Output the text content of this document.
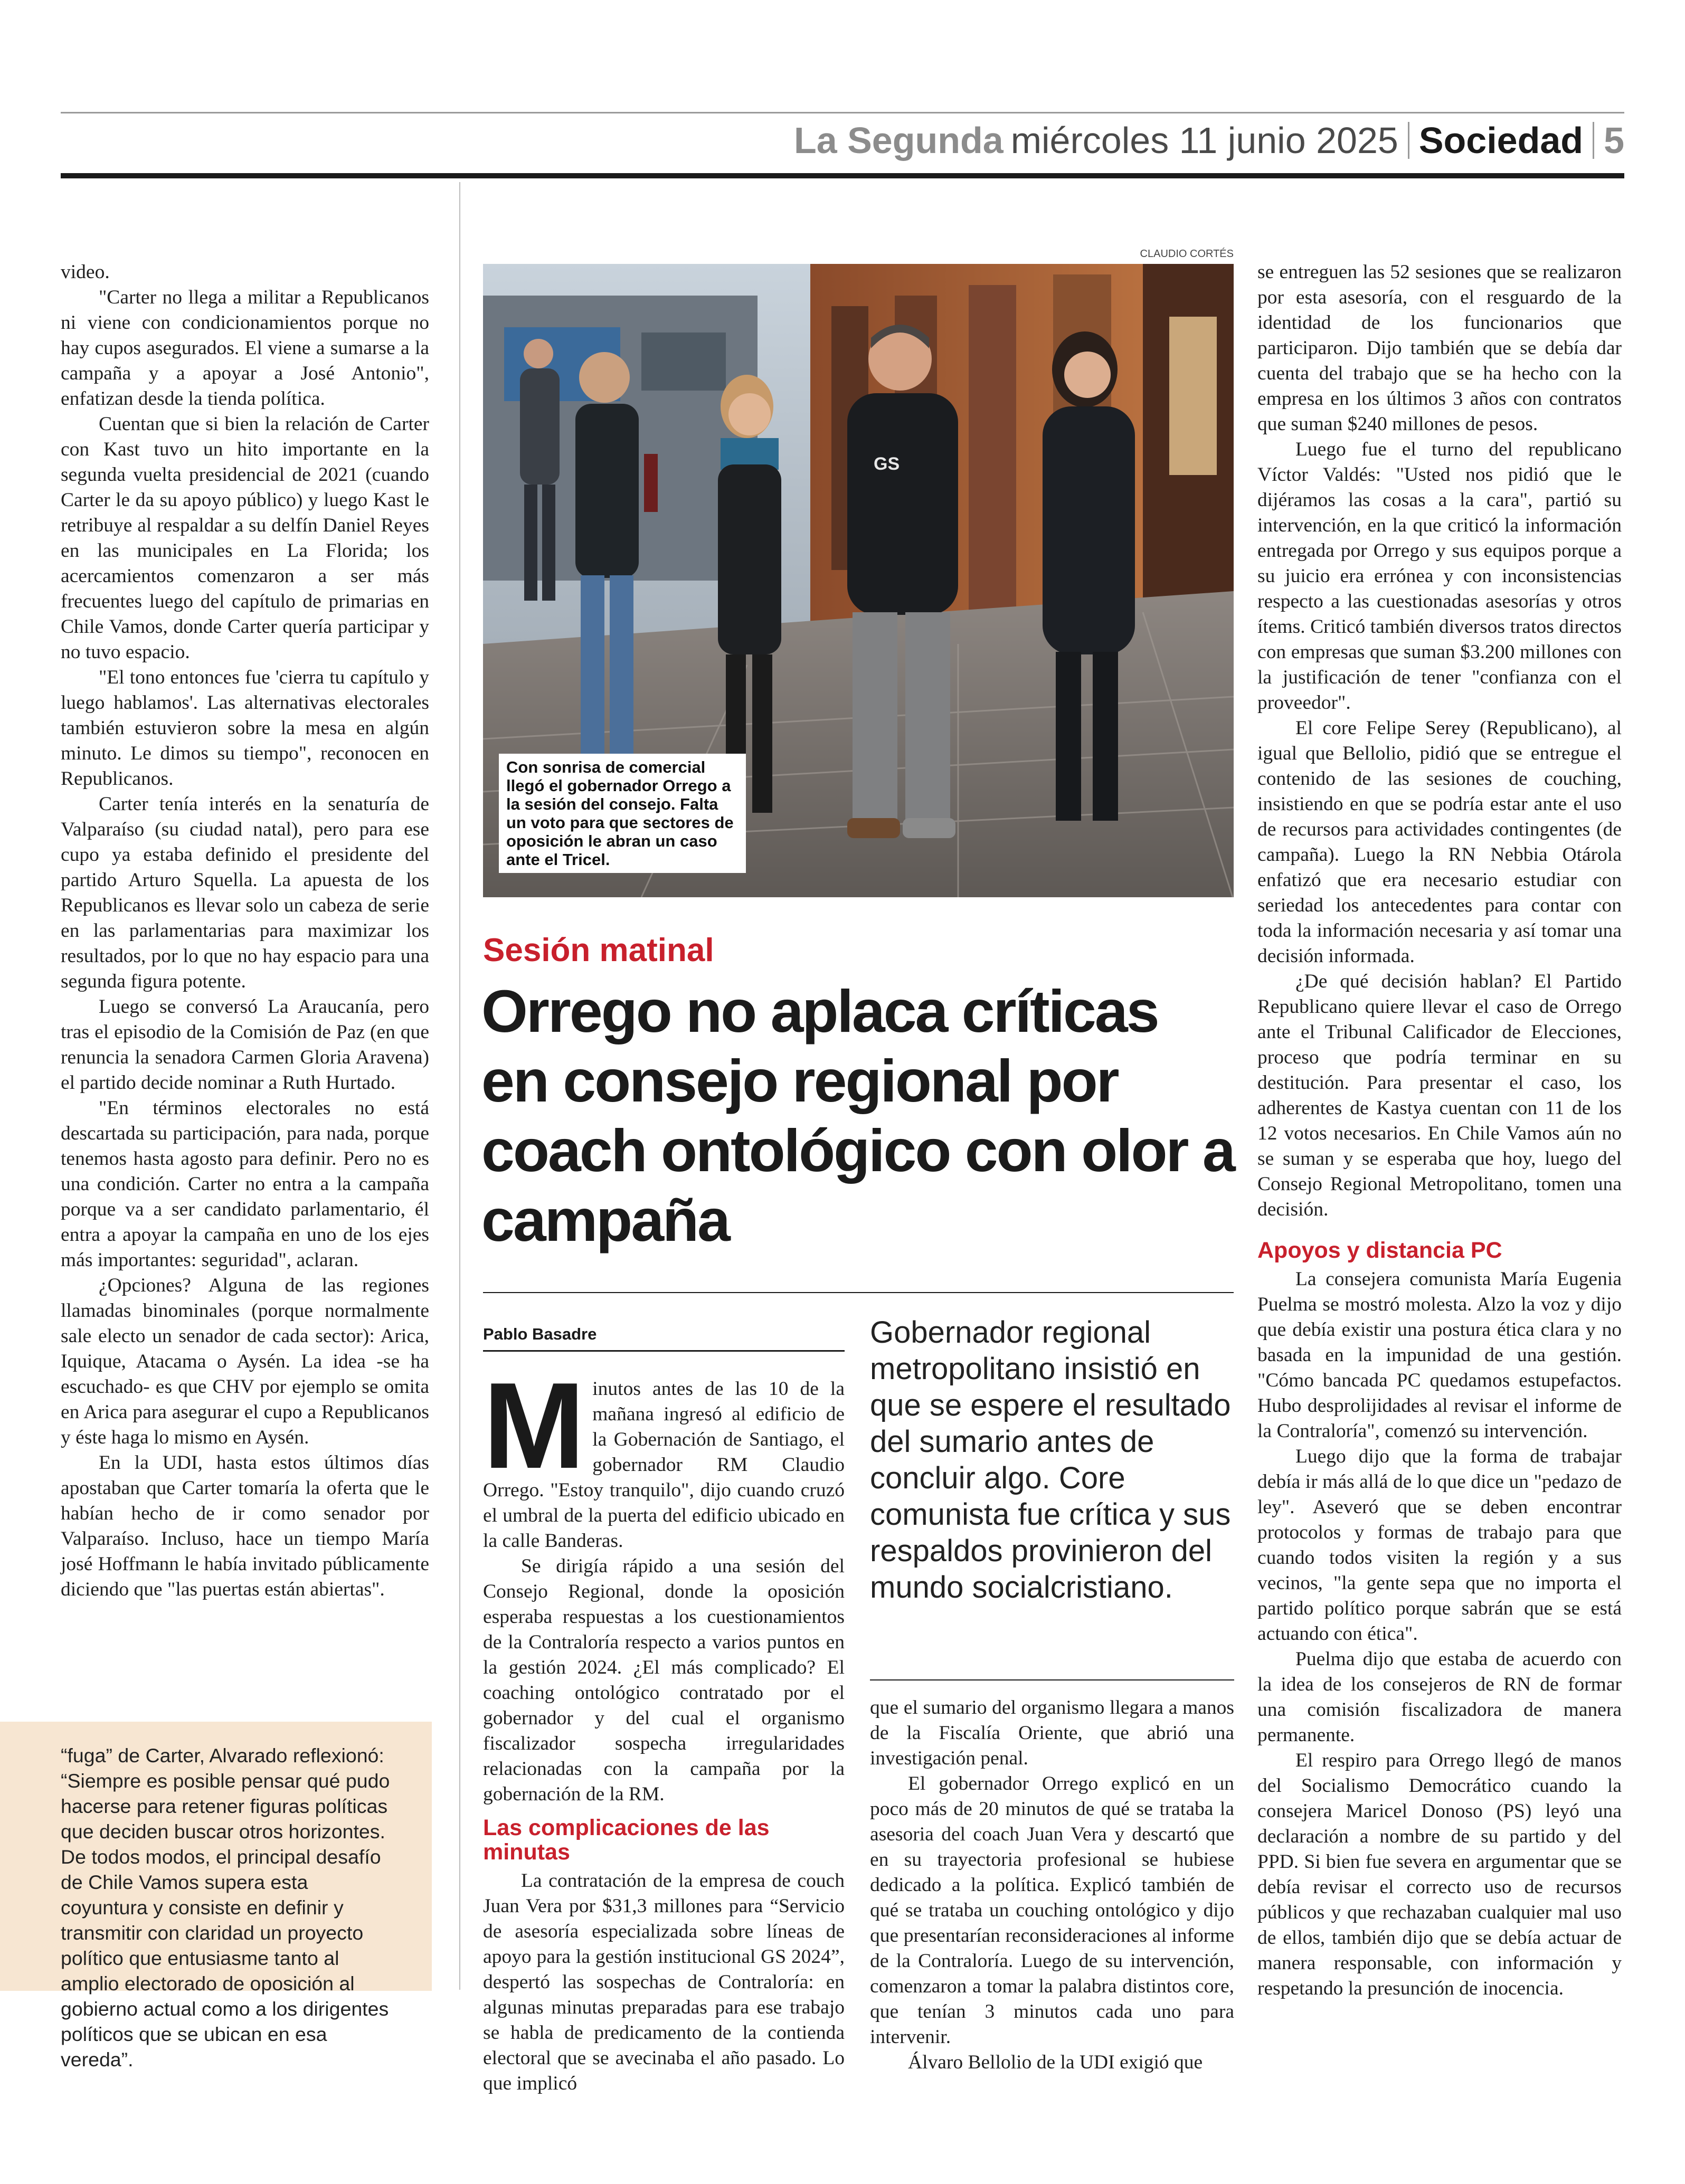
La Segunda miércoles 11 junio 2025 Sociedad 5

video.

"Carter no llega a militar a Republicanos ni viene con condicionamientos porque no hay cupos asegurados. El viene a sumarse a la campaña y a apoyar a José Antonio", enfatizan desde la tienda política.

Cuentan que si bien la relación de Carter con Kast tuvo un hito importante en la segunda vuelta presidencial de 2021 (cuando Carter le da su apoyo público) y luego Kast le retribuye al respaldar a su delfín Daniel Reyes en las municipales en La Florida; los acercamientos comenzaron a ser más frecuentes luego del capítulo de primarias en Chile Vamos, donde Carter quería participar y no tuvo espacio.

"El tono entonces fue 'cierra tu capítulo y luego hablamos'. Las alternativas electorales también estuvieron sobre la mesa en algún minuto. Le dimos su tiempo", reconocen en Republicanos.

Carter tenía interés en la senaturía de Valparaíso (su ciudad natal), pero para ese cupo ya estaba definido el presidente del partido Arturo Squella. La apuesta de los Republicanos es llevar solo un cabeza de serie en las parlamentarias para maximizar los resultados, por lo que no hay espacio para una segunda figura potente.

Luego se conversó La Araucanía, pero tras el episodio de la Comisión de Paz (en que renuncia la senadora Carmen Gloria Aravena) el partido decide nominar a Ruth Hurtado.

"En términos electorales no está descartada su participación, para nada, porque tenemos hasta agosto para definir. Pero no es una condición. Carter no entra a la campaña porque va a ser candidato parlamentario, él entra a apoyar la campaña en uno de los ejes más importantes: seguridad", aclaran.

¿Opciones? Alguna de las regiones llamadas binominales (porque normalmente sale electo un senador de cada sector): Arica, Iquique, Atacama o Aysén. La idea -se ha escuchado- es que CHV por ejemplo se omita en Arica para asegurar el cupo a Republicanos y éste haga lo mismo en Aysén.

En la UDI, hasta estos últimos días apostaban que Carter tomaría la oferta que le habían hecho de ir como senador por Valparaíso. Incluso, hace un tiempo María josé Hoffmann le había invitado públicamente diciendo que "las puertas están abiertas".

“fuga” de Carter, Alvarado reflexionó: “Siempre es posible pensar qué pudo hacerse para retener figuras políticas que deciden buscar otros horizontes. De todos modos, el principal desafío de Chile Vamos supera esta coyuntura y consiste en definir y transmitir con claridad un proyecto político que entusiasme tanto al amplio electorado de oposición al gobierno actual como a los dirigentes políticos que se ubican en esa vereda”.
CLAUDIO CORTÉS
GS
Con sonrisa de comercial llegó el gobernador Orrego a la sesión del consejo. Falta un voto para que sectores de oposición le abran un caso ante el Tricel.
Sesión matinal
Orrego no aplaca críticas en consejo regional por coach ontológico con olor a campaña
Pablo Basadre

Minutos antes de las 10 de la mañana ingresó al edificio de la Gobernación de Santiago, el gobernador RM Claudio Orrego. "Estoy tranquilo", dijo cuando cruzó el umbral de la puerta del edificio ubicado en la calle Banderas.

Se dirigía rápido a una sesión del Consejo Regional, donde la oposición esperaba respuestas a los cuestionamientos de la Contraloría respecto a varios puntos en la gestión 2024. ¿El más complicado? El coaching ontológico contratado por el gobernador y del cual el organismo fiscalizador sospecha irregularidades relacionadas con la campaña por la gobernación de la RM.

Las complicaciones de las minutas

La contratación de la empresa de couch Juan Vera por $31,3 millones para “Servicio de asesoría especializada sobre líneas de apoyo para la gestión institucional GS 2024”, despertó las sospechas de Contraloría: en algunas minutas preparadas para ese trabajo se habla de predicamento de la contienda electoral que se avecinaba el año pasado. Lo que implicó

Gobernador regional metropolitano insistió en que se espere el resultado del sumario antes de concluir algo. Core comunista fue crítica y sus respaldos provinieron del mundo socialcristiano.

que el sumario del organismo llegara a manos de la Fiscalía Oriente, que abrió una investigación penal.

El gobernador Orrego explicó en un poco más de 20 minutos de qué se trataba la asesoria del coach Juan Vera y descartó que en su trayectoria profesional se hubiese dedicado a la política. Explicó también de qué se trataba un couching ontológico y dijo que presentarían reconsideraciones al informe de la Contraloría. Luego de su intervención, comenzaron a tomar la palabra distintos core, que tenían 3 minutos cada uno para intervenir.

Álvaro Bellolio de la UDI exigió que

se entreguen las 52 sesiones que se realizaron por esta asesoría, con el resguardo de la identidad de los funcionarios que participaron. Dijo también que se debía dar cuenta del trabajo que se ha hecho con la empresa en los últimos 3 años con contratos que suman $240 millones de pesos.

Luego fue el turno del republicano Víctor Valdés: "Usted nos pidió que le dijéramos las cosas a la cara", partió su intervención, en la que criticó la información entregada por Orrego y sus equipos porque a su juicio era errónea y con inconsistencias respecto a las cuestionadas asesorías y otros ítems. Criticó también diversos tratos directos con empresas que suman $3.200 millones con la justificación de tener "confianza con el proveedor".

El core Felipe Serey (Republicano), al igual que Bellolio, pidió que se entregue el contenido de las sesiones de couching, insistiendo en que se podría estar ante el uso de recursos para actividades contingentes (de campaña). Luego la RN Nebbia Otárola enfatizó que era necesario estudiar con seriedad los antecedentes para contar con toda la información necesaria y así tomar una decisión informada.

¿De qué decisión hablan? El Partido Republicano quiere llevar el caso de Orrego ante el Tribunal Calificador de Elecciones, proceso que podría terminar en su destitución. Para presentar el caso, los adherentes de Kastya cuentan con 11 de los 12 votos necesarios. En Chile Vamos aún no se suman y se esperaba que hoy, luego del Consejo Regional Metropolitano, tomen una decisión.

Apoyos y distancia PC

La consejera comunista María Eugenia Puelma se mostró molesta. Alzo la voz y dijo que debía existir una postura ética clara y no basada en la impunidad de una gestión. "Cómo bancada PC quedamos estupefactos. Hubo desprolijidades al revisar el informe de la Contraloría", comenzó su intervención.

Luego dijo que la forma de trabajar debía ir más allá de lo que dice un "pedazo de ley". Aseveró que se deben encontrar protocolos y formas de trabajo para que cuando todos visiten la región y a sus vecinos, "la gente sepa que no importa el partido político porque sabrán que se está actuando con ética".

Puelma dijo que estaba de acuerdo con la idea de los consejeros de RN de formar una comisión fiscalizadora de manera permanente.

El respiro para Orrego llegó de manos del Socialismo Democrático cuando la consejera Maricel Donoso (PS) leyó una declaración a nombre de su partido y del PPD. Si bien fue severa en argumentar que se debía revisar el correcto uso de recursos públicos y que rechazaban cualquier mal uso de ellos, también dijo que se debía actuar de manera responsable, con información y respetando la presunción de inocencia.
